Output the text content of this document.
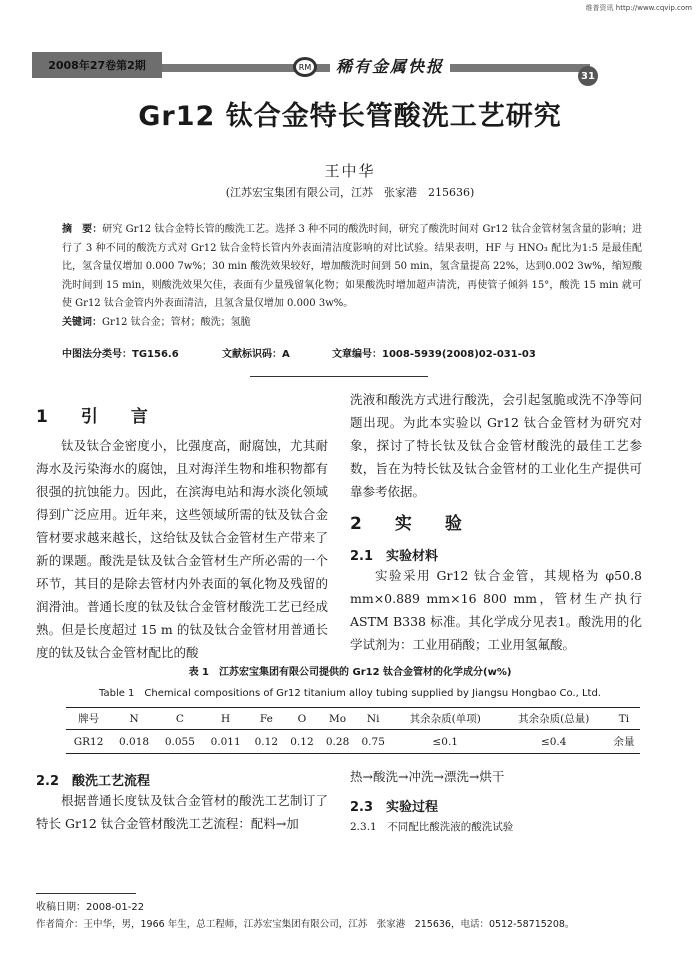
维普资讯 http://www.cqvip.com
2008年27卷第2期	RM	稀有金属快报	31
Gr12 钛合金特长管酸洗工艺研究
王中华
(江苏宏宝集团有限公司，江苏　张家港　215636)
摘　要：研究 Gr12 钛合金特长管的酸洗工艺。选择 3 种不同的酸洗时间，研究了酸洗时间对 Gr12 钛合金管材氢含量的影响；进行了 3 种不同的酸洗方式对 Gr12 钛合金特长管内外表面清洁度影响的对比试验。结果表明，HF 与 HNO₃ 配比为1:5 是最佳配比，氢含量仅增加 0.000 7w%；30 min 酸洗效果较好，增加酸洗时间到 50 min，氢含量提高 22%，达到0.002 3w%，缩短酸洗时间到 15 min，则酸洗效果欠佳，表面有少量残留氧化物；如果酸洗时增加超声清洗，再使管子倾斜 15°，酸洗 15 min 就可使 Gr12 钛合金管内外表面清洁，且氢含量仅增加 0.000 3w%。
关键词：Gr12 钛合金；管材；酸洗；氢脆
中图法分类号：TG156.6	文献标识码：A	文章编号：1008-5939(2008)02-031-03
1　引　言
钛及钛合金密度小，比强度高，耐腐蚀，尤其耐海水及污染海水的腐蚀，且对海洋生物和堆积物都有很强的抗蚀能力。因此，在滨海电站和海水淡化领域得到广泛应用。近年来，这些领域所需的钛及钛合金管材要求越来越长，这给钛及钛合金管材生产带来了新的课题。酸洗是钛及钛合金管材生产所必需的一个环节，其目的是除去管材内外表面的氧化物及残留的润滑油。普通长度的钛及钛合金管材酸洗工艺已经成熟。但是长度超过 15 m 的钛及钛合金管材用普通长度的钛及钛合金管材配比的酸
洗液和酸洗方式进行酸洗，会引起氢脆或洗不净等问题出现。为此本实验以 Gr12 钛合金管材为研究对象，探讨了特长钛及钛合金管材酸洗的最佳工艺参数，旨在为特长钛及钛合金管材的工业化生产提供可靠参考依据。
2　实　验
2.1　实验材料
实验采用 Gr12 钛合金管，其规格为 φ50.8 mm×0.889 mm×16 800 mm，管材生产执行 ASTM B338 标准。其化学成分见表1。酸洗用的化学试剂为：工业用硝酸；工业用氢氟酸。
表 1　江苏宏宝集团有限公司提供的 Gr12 钛合金管材的化学成分(w%)
Table 1　Chemical compositions of Gr12 titanium alloy tubing supplied by Jiangsu Hongbao Co., Ltd.
牌号	N	C	H	Fe	O	Mo	Ni	其余杂质(单项)	其余杂质(总量)	Ti
GR12	0.018	0.055	0.011	0.12	0.12	0.28	0.75	≤0.1	≤0.4	余量
2.2　酸洗工艺流程
根据普通长度钛及钛合金管材的酸洗工艺制订了特长 Gr12 钛合金管材酸洗工艺流程：配料→加
热→酸洗→冲洗→漂洗→烘干
2.3　实验过程
2.3.1　不同配比酸洗液的酸洗试验
收稿日期：2008-01-22
作者简介：王中华，男，1966 年生，总工程师，江苏宏宝集团有限公司，江苏　张家港　215636，电话：0512-58715208。
